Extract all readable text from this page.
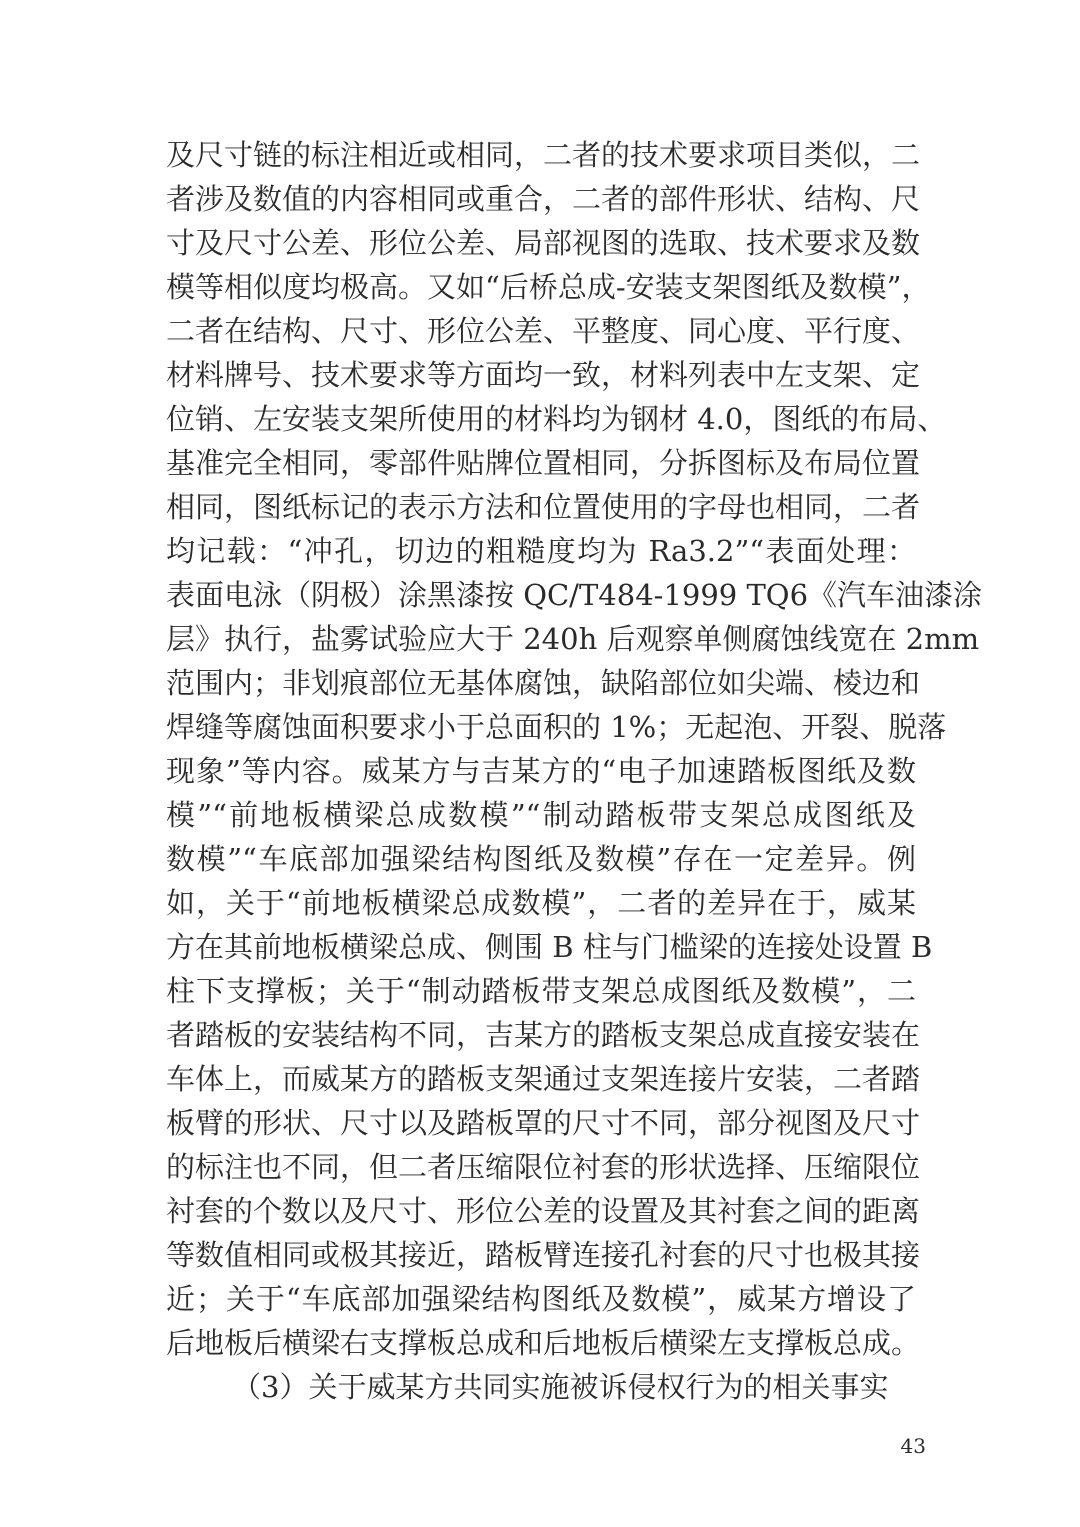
及尺寸链的标注相近或相同，二者的技术要求项目类似，二
者涉及数值的内容相同或重合，二者的部件形状、结构、尺
寸及尺寸公差、形位公差、局部视图的选取、技术要求及数
模等相似度均极高。又如“后桥总成-安装支架图纸及数模”，
二者在结构、尺寸、形位公差、平整度、同心度、平行度、
材料牌号、技术要求等方面均一致，材料列表中左支架、定
位销、左安装支架所使用的材料均为钢材 4.0，图纸的布局、
基准完全相同，零部件贴牌位置相同，分拆图标及布局位置
相同，图纸标记的表示方法和位置使用的字母也相同，二者
均记载：“冲孔，切边的粗糙度均为 Ra3.2”“表面处理：
表面电泳（阴极）涂黑漆按 QC/T484-1999 TQ6《汽车油漆涂
层》执行，盐雾试验应大于 240h 后观察单侧腐蚀线宽在 2mm
范围内；非划痕部位无基体腐蚀，缺陷部位如尖端、棱边和
焊缝等腐蚀面积要求小于总面积的 1%；无起泡、开裂、脱落
现象”等内容。威某方与吉某方的“电子加速踏板图纸及数
模”“前地板横梁总成数模”“制动踏板带支架总成图纸及
数模”“车底部加强梁结构图纸及数模”存在一定差异。例
如，关于“前地板横梁总成数模”，二者的差异在于，威某
方在其前地板横梁总成、侧围 B 柱与门槛梁的连接处设置 B
柱下支撑板；关于“制动踏板带支架总成图纸及数模”，二
者踏板的安装结构不同，吉某方的踏板支架总成直接安装在
车体上，而威某方的踏板支架通过支架连接片安装，二者踏
板臂的形状、尺寸以及踏板罩的尺寸不同，部分视图及尺寸
的标注也不同，但二者压缩限位衬套的形状选择、压缩限位
衬套的个数以及尺寸、形位公差的设置及其衬套之间的距离
等数值相同或极其接近，踏板臂连接孔衬套的尺寸也极其接
近；关于“车底部加强梁结构图纸及数模”，威某方增设了
后地板后横梁右支撑板总成和后地板后横梁左支撑板总成。
（3）关于威某方共同实施被诉侵权行为的相关事实
43
